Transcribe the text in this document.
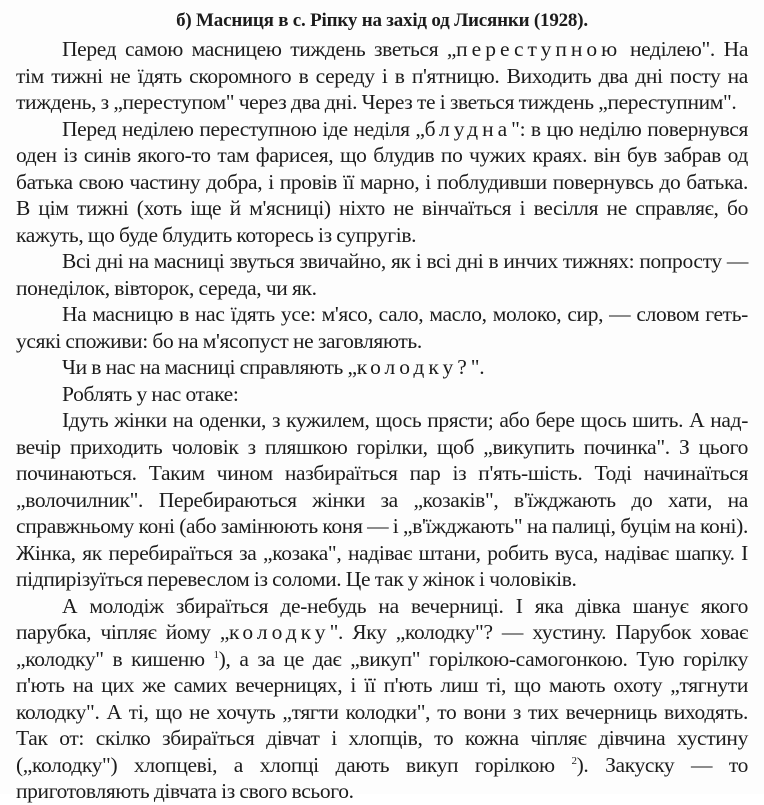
б) Масниця в с. Ріпку на захід од Лисянки (1928).

Перед самою масницею тиждень зветься „переступною неділею". На тім тижні не їдять скоромного в середу і в п'ятницю. Виходить два дні посту на тиждень, з „переступом" через два дні. Через те і зветься тиждень „переступним".

Перед неділею переступною іде неділя „блудна": в цю неділю повернувся оден із синів якого-то там фарисея, що блудив по чужих краях. він був забрав од батька свою частину добра, і провів її марно, і поблудивши повернувсь до батька. В цім тижні (хоть іще й м'ясниці) ніхто не вінчаїться і весілля не справляє, бо кажуть, що буде блудить которесь із супругів.

Всі дні на масниці звуться звичайно, як і всі дні в инчих тижнях: попросту — понеділок, вівторок, середа, чи як.

На масницю в нас їдять усе: м'ясо, сало, масло, молоко, сир, — словом геть-усякі споживи: бо на м'ясопуст не заговляють.

Чи в нас на масниці справляють „колодку?".

Роблять у нас отаке:

Ідуть жінки на оденки, з кужилем, щось прясти; або бере щось шить. А над-вечір приходить чоловік з пляшкою горілки, щоб „викупить починка". З цього починаються. Таким чином назбираїться пар із п'ять-шість. Тоді начинаїться „волочилник". Перебираються жінки за „козаків", в'їжджають до хати, на справжньому коні (або замінюють коня — і „в'їжджають" на палиці, буцім на коні). Жінка, як перебираїться за „козака", надіває штани, робить вуса, надіває шапку. І підпирізуїться перевеслом із соломи. Це так у жінок і чоловіків.

А молодіж збираїться де-небудь на вечерниці. І яка дівка шанує якого парубка, чіпляє йому „колодку". Яку „колодку"? — хустину. Парубок ховає „колодку" в кишеню $^1$), а за це дає „викуп" горілкою-самогонкою. Тую горілку п'ють на цих же самих вечерницях, і її п'ють лиш ті, що мають охоту „тягнути колодку". А ті, що не хочуть „тягти колодки", то вони з тих вечерниць виходять. Так от: скілко збираїться дівчат і хлопців, то кожна чіпляє дівчина хустину („колодку") хлопцеві, а хлопці дають викуп горілкою $^2$). Закуску — то приготовляють дівчата із свого всього.
